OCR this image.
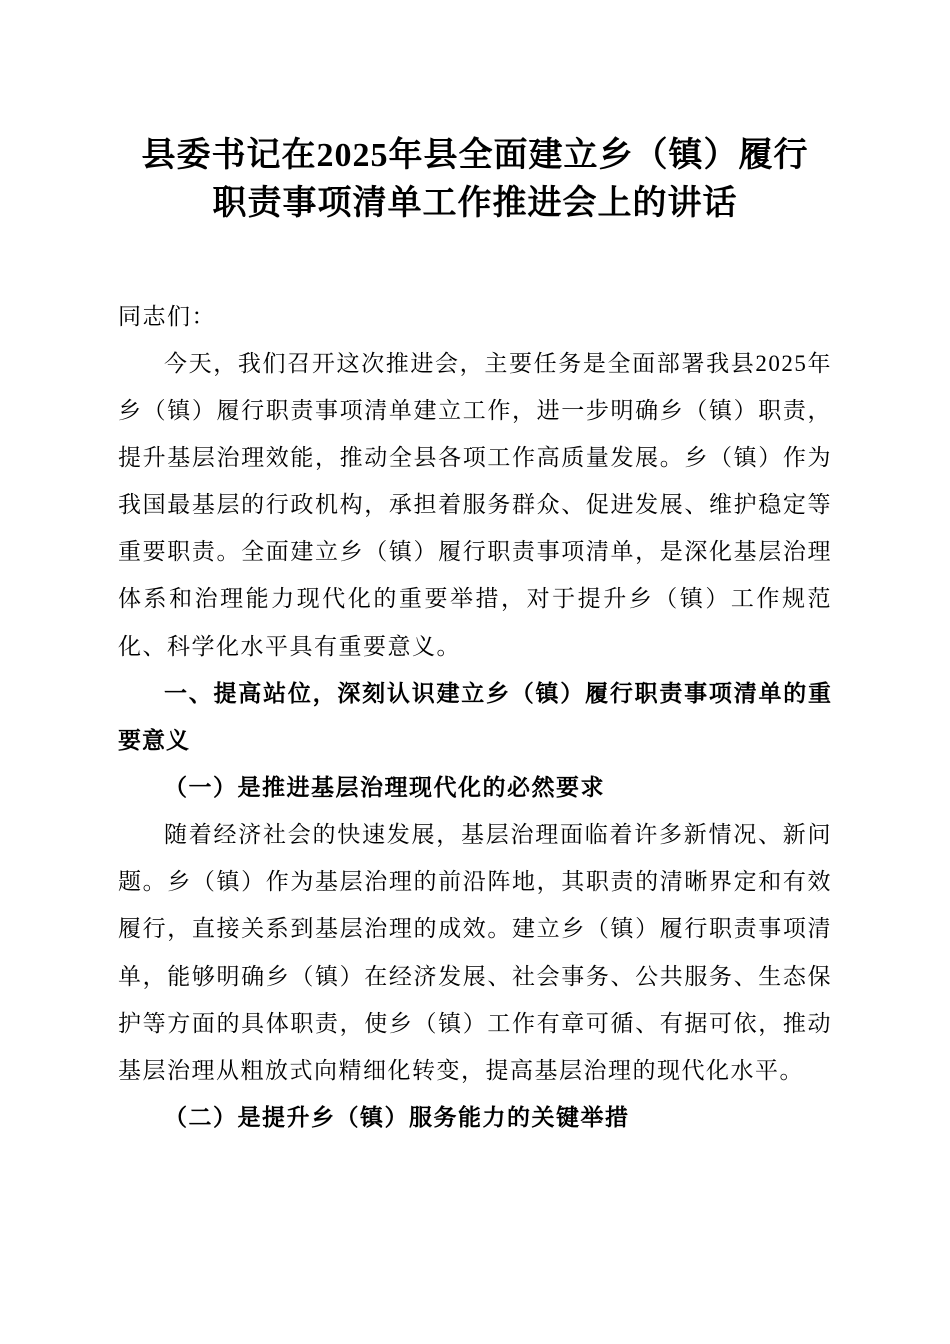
县委书记在2025年县全面建立乡（镇）履行
职责事项清单工作推进会上的讲话

同志们：

今天，我们召开这次推进会，主要任务是全面部署我县2025年乡（镇）履行职责事项清单建立工作，进一步明确乡（镇）职责，提升基层治理效能，推动全县各项工作高质量发展。乡（镇）作为我国最基层的行政机构，承担着服务群众、促进发展、维护稳定等重要职责。全面建立乡（镇）履行职责事项清单，是深化基层治理体系和治理能力现代化的重要举措，对于提升乡（镇）工作规范化、科学化水平具有重要意义。

一、提高站位，深刻认识建立乡（镇）履行职责事项清单的重要意义

（一）是推进基层治理现代化的必然要求

随着经济社会的快速发展，基层治理面临着许多新情况、新问题。乡（镇）作为基层治理的前沿阵地，其职责的清晰界定和有效履行，直接关系到基层治理的成效。建立乡（镇）履行职责事项清单，能够明确乡（镇）在经济发展、社会事务、公共服务、生态保护等方面的具体职责，使乡（镇）工作有章可循、有据可依，推动基层治理从粗放式向精细化转变，提高基层治理的现代化水平。

（二）是提升乡（镇）服务能力的关键举措
